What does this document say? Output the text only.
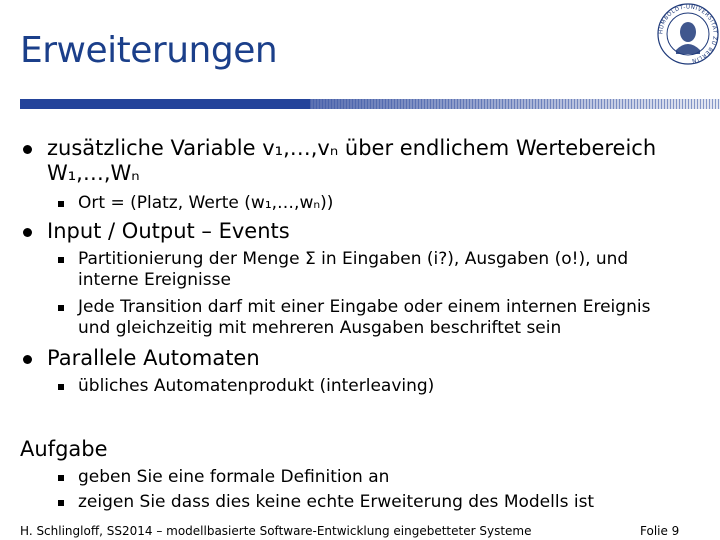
Erweiterungen	HUMBOLDT-UNIVERSITÄT ZU BERLIN
zusätzliche Variable v₁,…,vₙ über endlichem Wertebereich
W₁,…,Wₙ
Ort = (Platz, Werte (w₁,…,wₙ))
Input / Output – Events
Partitionierung der Menge Σ in Eingaben (i?), Ausgaben (o!), und
interne Ereignisse
Jede Transition darf mit einer Eingabe oder einem internen Ereignis
und gleichzeitig mit mehreren Ausgaben beschriftet sein
Parallele Automaten
übliches Automatenprodukt (interleaving)
Aufgabe
geben Sie eine formale Definition an
zeigen Sie dass dies keine echte Erweiterung des Modells ist
H. Schlingloff, SS2014 – modellbasierte Software-Entwicklung eingebetteter Systeme	Folie 9
